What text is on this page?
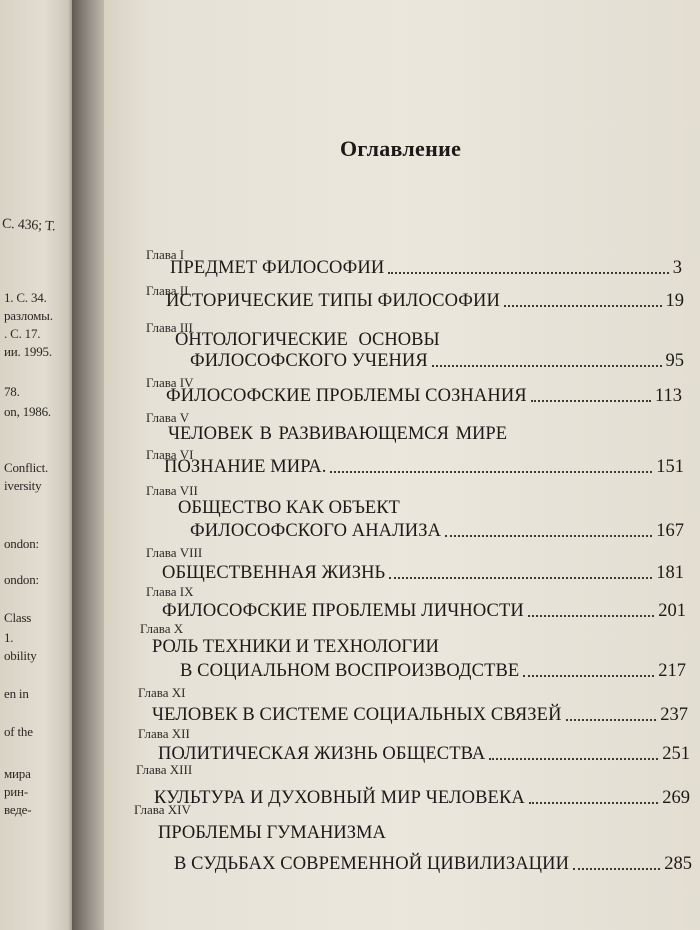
С. 436; Т.
1. С. 34.
разломы.
. С. 17.
ии. 1995.
78.
on, 1986.
Conflict.
iversity
ondon:
ondon:
Class
1.
obility
en in
of the
мира
рин-
веде-
Оглавление
Глава I
ПРЕДМЕТ ФИЛОСОФИИ	3
Глава II
ИСТОРИЧЕСКИЕ ТИПЫ ФИЛОСОФИИ	19
Глава III
ОНТОЛОГИЧЕСКИЕ ОСНОВЫ
ФИЛОСОФСКОГО УЧЕНИЯ	95
Глава IV
ФИЛОСОФСКИЕ ПРОБЛЕМЫ СОЗНАНИЯ	113
Глава V
ЧЕЛОВЕК В РАЗВИВАЮЩЕМСЯ МИРЕ
Глава VI
ПОЗНАНИЕ МИРА.	151
Глава VII
ОБЩЕСТВО КАК ОБЪЕКТ
ФИЛОСОФСКОГО АНАЛИЗА	167
Глава VIII
ОБЩЕСТВЕННАЯ ЖИЗНЬ	181
Глава IX
ФИЛОСОФСКИЕ ПРОБЛЕМЫ ЛИЧНОСТИ	201
Глава X
РОЛЬ ТЕХНИКИ И ТЕХНОЛОГИИ
В СОЦИАЛЬНОМ ВОСПРОИЗВОДСТВЕ	217
Глава XI
ЧЕЛОВЕК В СИСТЕМЕ СОЦИАЛЬНЫХ СВЯЗЕЙ	237
Глава XII
ПОЛИТИЧЕСКАЯ ЖИЗНЬ ОБЩЕСТВА	251
Глава XIII
КУЛЬТУРА И ДУХОВНЫЙ МИР ЧЕЛОВЕКА	269
Глава XIV
ПРОБЛЕМЫ ГУМАНИЗМА
В СУДЬБАХ СОВРЕМЕННОЙ ЦИВИЛИЗАЦИИ	285
